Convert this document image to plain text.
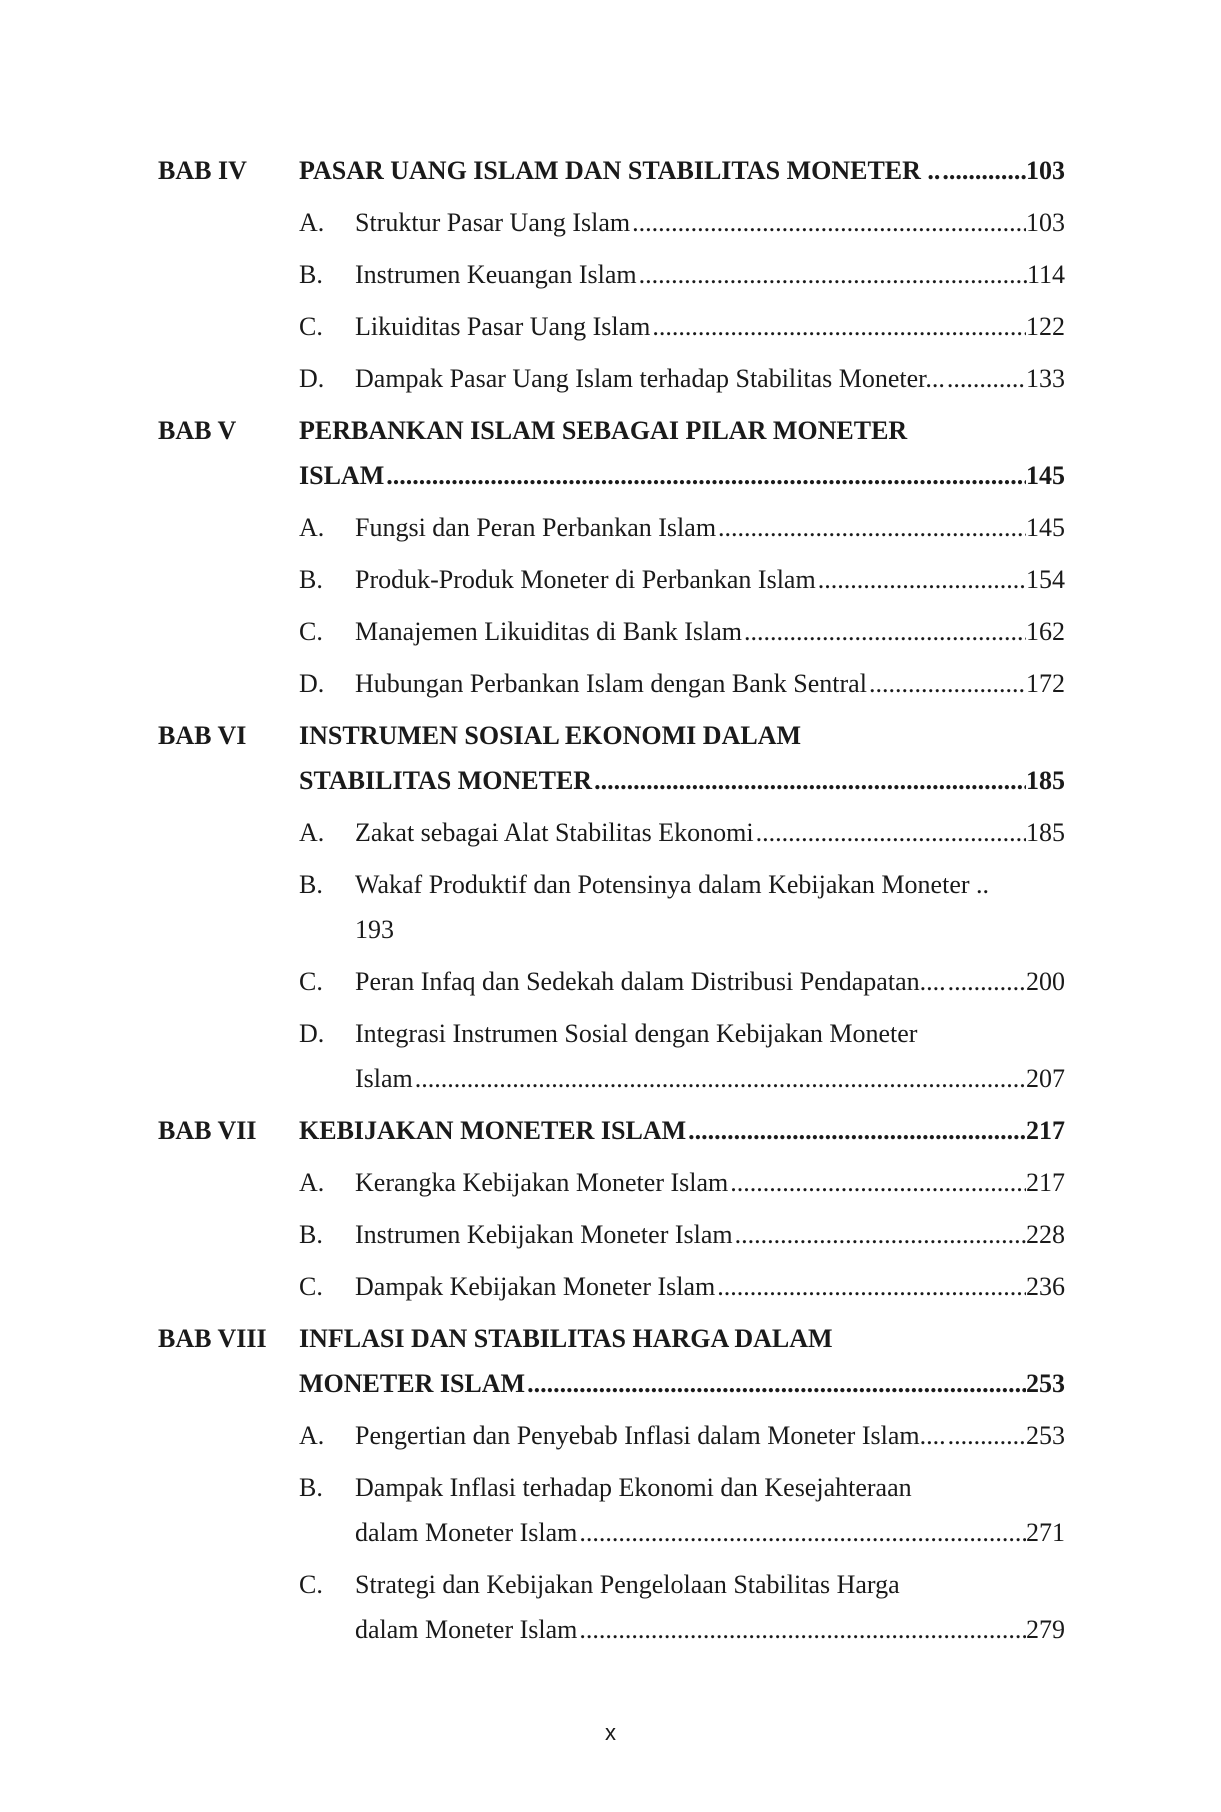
BAB IV	PASAR UANG ISLAM DAN STABILITAS MONETER .. .....	103
A.	Struktur Pasar Uang Islam .....	103
B.	Instrumen Keuangan Islam .....	114
C.	Likuiditas Pasar Uang Islam .....	122
D.	Dampak Pasar Uang Islam terhadap Stabilitas Moneter... .....	133
BAB V	PERBANKAN ISLAM SEBAGAI PILAR MONETER
ISLAM .....	145
A.	Fungsi dan Peran Perbankan Islam .....	145
B.	Produk-Produk Moneter di Perbankan Islam .....	154
C.	Manajemen Likuiditas di Bank Islam .....	162
D.	Hubungan Perbankan Islam dengan Bank Sentral .....	172
BAB VI	INSTRUMEN SOSIAL EKONOMI DALAM
STABILITAS MONETER .....	185
A.	Zakat sebagai Alat Stabilitas Ekonomi .....	185
B.	Wakaf Produktif dan Potensinya dalam Kebijakan Moneter ..
193
C.	Peran Infaq dan Sedekah dalam Distribusi Pendapatan.... .....	200
D.	Integrasi Instrumen Sosial dengan Kebijakan Moneter
Islam .....	207
BAB VII	KEBIJAKAN MONETER ISLAM .....	217
A.	Kerangka Kebijakan Moneter Islam .....	217
B.	Instrumen Kebijakan Moneter Islam .....	228
C.	Dampak Kebijakan Moneter Islam .....	236
BAB VIII	INFLASI DAN STABILITAS HARGA DALAM
MONETER ISLAM .....	253
A.	Pengertian dan Penyebab Inflasi dalam Moneter Islam.... .....	253
B.	Dampak Inflasi terhadap Ekonomi dan Kesejahteraan
dalam Moneter Islam .....	271
C.	Strategi dan Kebijakan Pengelolaan Stabilitas Harga
dalam Moneter Islam .....	279
x
